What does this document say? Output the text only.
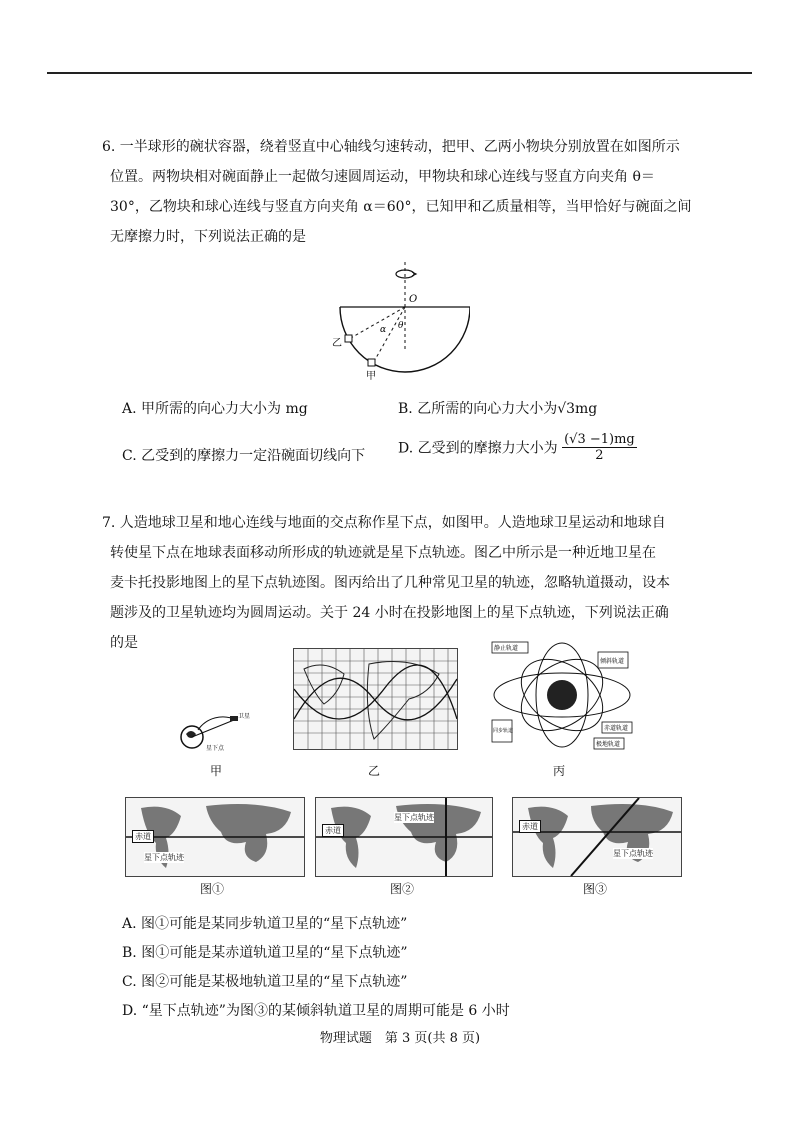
6. 一半球形的碗状容器，绕着竖直中心轴线匀速转动，把甲、乙两小物块分别放置在如图所示
位置。两物块相对碗面静止一起做匀速圆周运动，甲物块和球心连线与竖直方向夹角 θ＝
30°，乙物块和球心连线与竖直方向夹角 α＝60°，已知甲和乙质量相等，当甲恰好与碗面之间
无摩擦力时，下列说法正确的是
O
θ
α
乙
甲
A. 甲所需的向心力大小为 mg	B. 乙所需的向心力大小为√3mg
C. 乙受到的摩擦力一定沿碗面切线向下 D. 乙受到的摩擦力大小为 $\frac{(√3 -1)mg}{2}$
7. 人造地球卫星和地心连线与地面的交点称作星下点，如图甲。人造地球卫星运动和地球自
转使星下点在地球表面移动所形成的轨迹就是星下点轨迹。图乙中所示是一种近地卫星在
麦卡托投影地图上的星下点轨迹图。图丙给出了几种常见卫星的轨迹，忽略轨道摄动，设本
题涉及的卫星轨迹均为圆周运动。关于 24 小时在投影地图上的星下点轨迹，下列说法正确
的是
卫星
星下点
甲	乙
静止轨道
倾斜轨道
同步轨道	赤道轨道
极地轨道
丙
赤道
星下点轨迹
图①
赤道
星下点轨迹
图②
赤道
星下点轨迹
图③
A. 图①可能是某同步轨道卫星的“星下点轨迹”
B. 图①可能是某赤道轨道卫星的“星下点轨迹”
C. 图②可能是某极地轨道卫星的“星下点轨迹”
D. “星下点轨迹”为图③的某倾斜轨道卫星的周期可能是 6 小时
物理试题　第 3 页(共 8 页)
